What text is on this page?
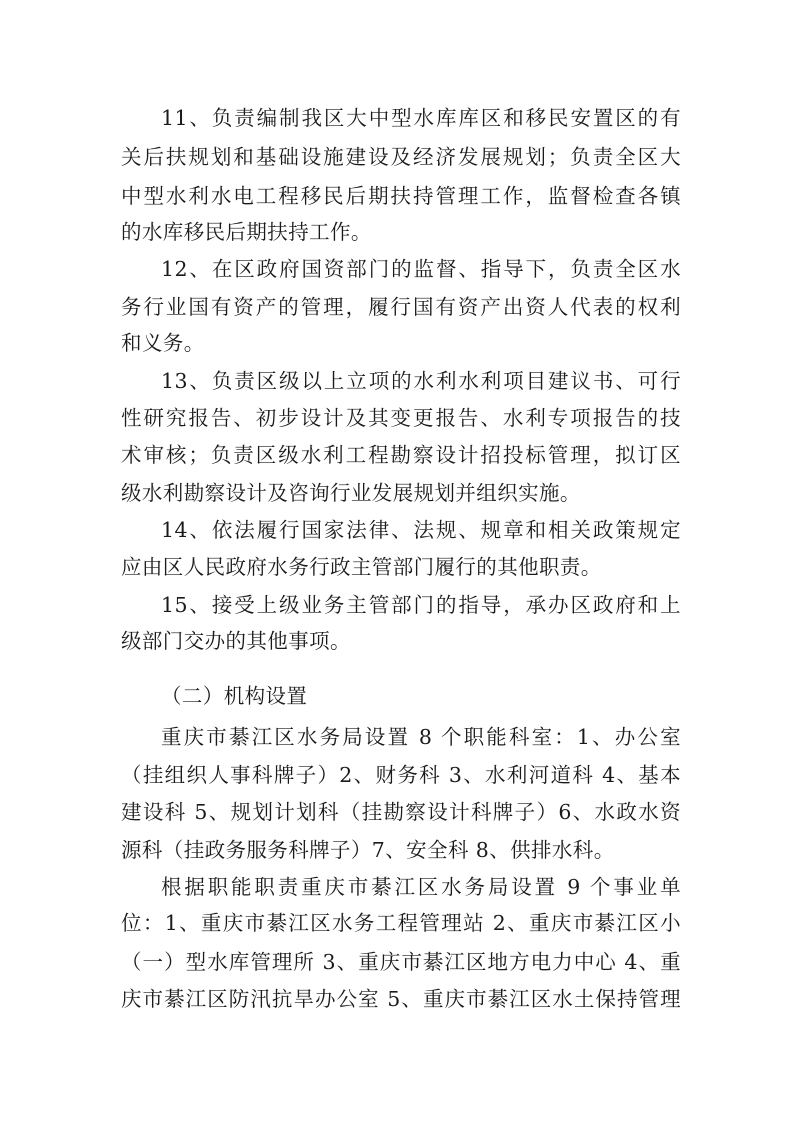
11、负责编制我区大中型水库库区和移民安置区的有
关后扶规划和基础设施建设及经济发展规划；负责全区大
中型水利水电工程移民后期扶持管理工作，监督检查各镇
的水库移民后期扶持工作。
12、在区政府国资部门的监督、指导下，负责全区水
务行业国有资产的管理，履行国有资产出资人代表的权利
和义务。
13、负责区级以上立项的水利水利项目建议书、可行
性研究报告、初步设计及其变更报告、水利专项报告的技
术审核；负责区级水利工程勘察设计招投标管理，拟订区
级水利勘察设计及咨询行业发展规划并组织实施。
14、依法履行国家法律、法规、规章和相关政策规定
应由区人民政府水务行政主管部门履行的其他职责。
15、接受上级业务主管部门的指导，承办区政府和上
级部门交办的其他事项。
（二）机构设置
重庆市綦江区水务局设置 8 个职能科室：1、办公室
（挂组织人事科牌子）2、财务科 3、水利河道科 4、基本
建设科 5、规划计划科（挂勘察设计科牌子）6、水政水资
源科（挂政务服务科牌子）7、安全科 8、供排水科。
根据职能职责重庆市綦江区水务局设置 9 个事业单
位：1、重庆市綦江区水务工程管理站 2、重庆市綦江区小
（一）型水库管理所 3、重庆市綦江区地方电力中心 4、重
庆市綦江区防汛抗旱办公室 5、重庆市綦江区水土保持管理
